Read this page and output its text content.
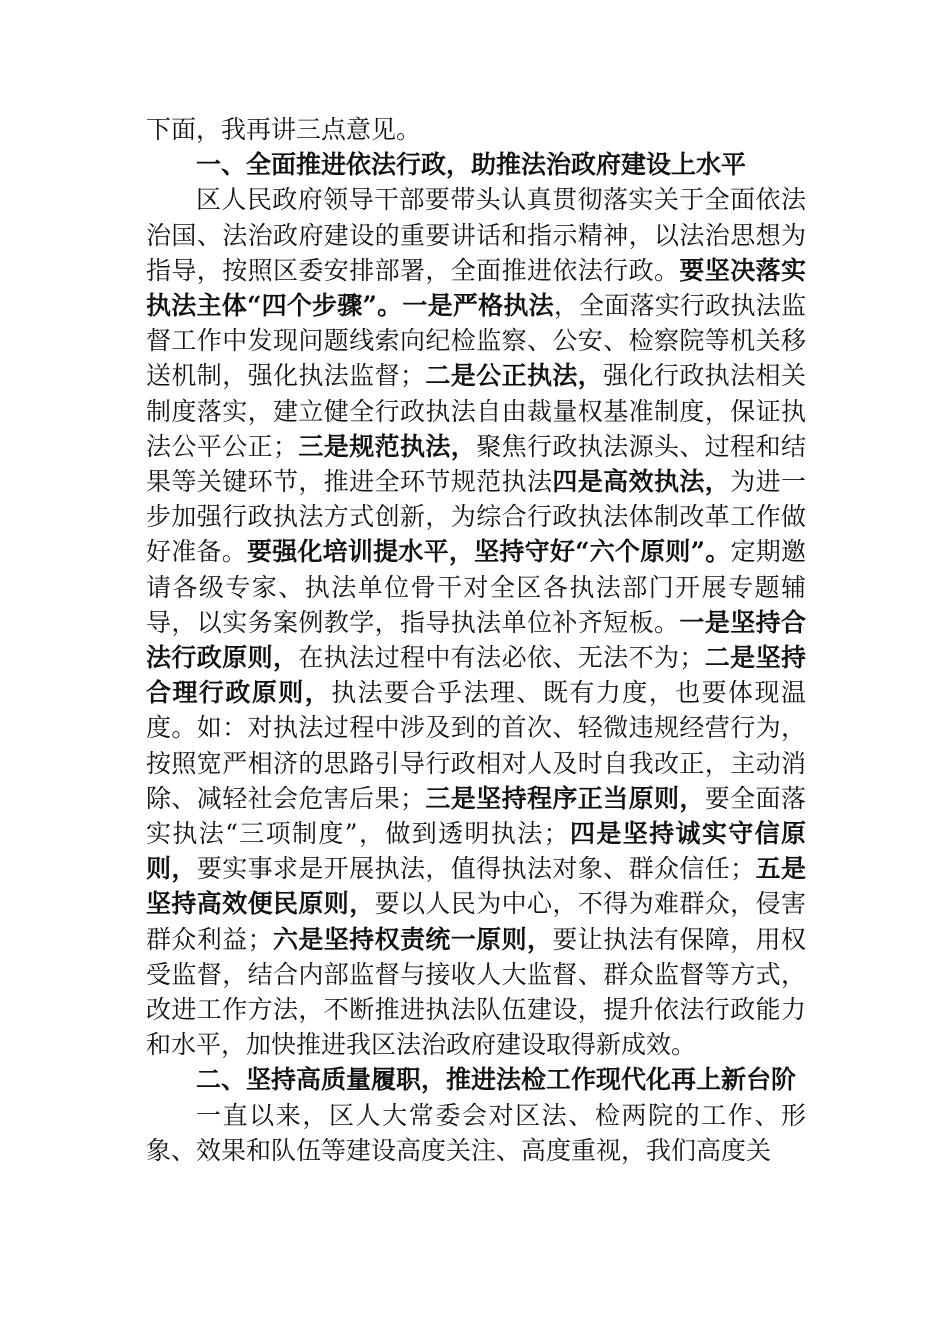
下面，我再讲三点意见。

一、全面推进依法行政，助推法治政府建设上水平

区人民政府领导干部要带头认真贯彻落实关于全面依法治国、法治政府建设的重要讲话和指示精神，以法治思想为指导，按照区委安排部署，全面推进依法行政。要坚决落实执法主体“四个步骤”。一是严格执法，全面落实行政执法监督工作中发现问题线索向纪检监察、公安、检察院等机关移送机制，强化执法监督；二是公正执法，强化行政执法相关制度落实，建立健全行政执法自由裁量权基准制度，保证执法公平公正；三是规范执法，聚焦行政执法源头、过程和结果等关键环节，推进全环节规范执法四是高效执法，为进一步加强行政执法方式创新，为综合行政执法体制改革工作做好准备。要强化培训提水平，坚持守好“六个原则”。定期邀请各级专家、执法单位骨干对全区各执法部门开展专题辅导，以实务案例教学，指导执法单位补齐短板。一是坚持合法行政原则，在执法过程中有法必依、无法不为；二是坚持合理行政原则，执法要合乎法理、既有力度，也要体现温度。如：对执法过程中涉及到的首次、轻微违规经营行为，按照宽严相济的思路引导行政相对人及时自我改正，主动消除、减轻社会危害后果；三是坚持程序正当原则，要全面落实执法“三项制度”，做到透明执法；四是坚持诚实守信原则，要实事求是开展执法，值得执法对象、群众信任；五是坚持高效便民原则，要以人民为中心，不得为难群众，侵害群众利益；六是坚持权责统一原则，要让执法有保障，用权受监督，结合内部监督与接收人大监督、群众监督等方式，改进工作方法，不断推进执法队伍建设，提升依法行政能力和水平，加快推进我区法治政府建设取得新成效。

二、坚持高质量履职，推进法检工作现代化再上新台阶

一直以来，区人大常委会对区法、检两院的工作、形象、效果和队伍等建设高度关注、高度重视，我们高度关
